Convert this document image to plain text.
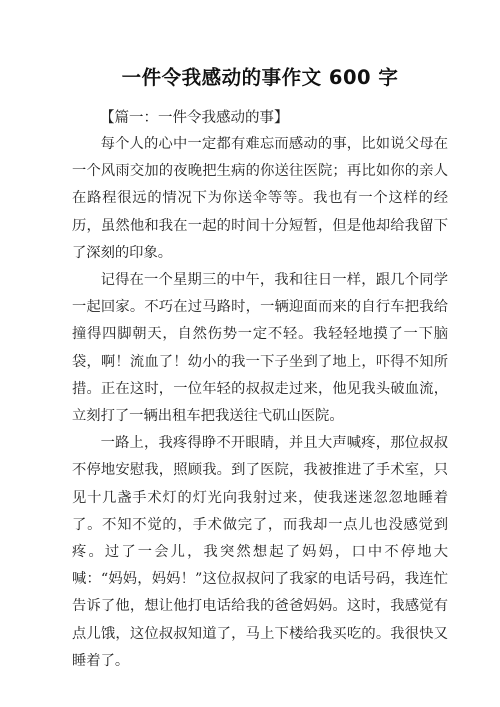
一件令我感动的事作文 600 字
【篇一：一件令我感动的事】

每个人的心中一定都有难忘而感动的事，比如说父母在一个风雨交加的夜晚把生病的你送往医院；再比如你的亲人在路程很远的情况下为你送伞等等。我也有一个这样的经历，虽然他和我在一起的时间十分短暂，但是他却给我留下了深刻的印象。

记得在一个星期三的中午，我和往日一样，跟几个同学一起回家。不巧在过马路时，一辆迎面而来的自行车把我给撞得四脚朝天，自然伤势一定不轻。我轻轻地摸了一下脑袋，啊！流血了！幼小的我一下子坐到了地上，吓得不知所措。正在这时，一位年轻的叔叔走过来，他见我头破血流，立刻打了一辆出租车把我送往弋矶山医院。

一路上，我疼得睁不开眼睛，并且大声喊疼，那位叔叔不停地安慰我，照顾我。到了医院，我被推进了手术室，只见十几盏手术灯的灯光向我射过来，使我迷迷忽忽地睡着了。不知不觉的，手术做完了，而我却一点儿也没感觉到疼。过了一会儿，我突然想起了妈妈，口中不停地大喊：“妈妈，妈妈！”这位叔叔问了我家的电话号码，我连忙告诉了他，想让他打电话给我的爸爸妈妈。这时，我感觉有点儿饿，这位叔叔知道了，马上下楼给我买吃的。我很快又睡着了。
